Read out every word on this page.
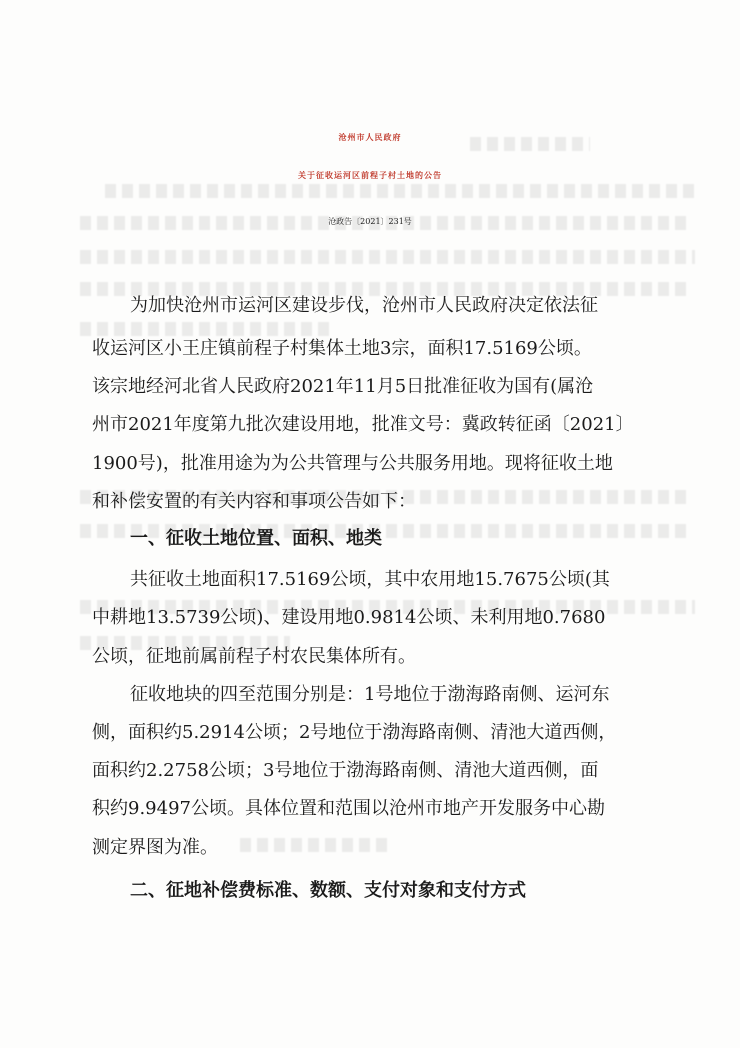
沧州市人民政府
关于征收运河区前程子村土地的公告
沧政告〔2021〕231号
为加快沧州市运河区建设步伐，沧州市人民政府决定依法征
收运河区小王庄镇前程子村集体土地3宗，面积17.5169公顷。
该宗地经河北省人民政府2021年11月5日批准征收为国有(属沧
州市2021年度第九批次建设用地，批准文号：冀政转征函〔2021〕
1900号)，批准用途为为公共管理与公共服务用地。现将征收土地
和补偿安置的有关内容和事项公告如下：
一、征收土地位置、面积、地类
共征收土地面积17.5169公顷，其中农用地15.7675公顷(其
中耕地13.5739公顷)、建设用地0.9814公顷、未利用地0.7680
公顷，征地前属前程子村农民集体所有。
征收地块的四至范围分别是：1号地位于渤海路南侧、运河东
侧，面积约5.2914公顷；2号地位于渤海路南侧、清池大道西侧，
面积约2.2758公顷；3号地位于渤海路南侧、清池大道西侧，面
积约9.9497公顷。具体位置和范围以沧州市地产开发服务中心勘
测定界图为准。
二、征地补偿费标准、数额、支付对象和支付方式
